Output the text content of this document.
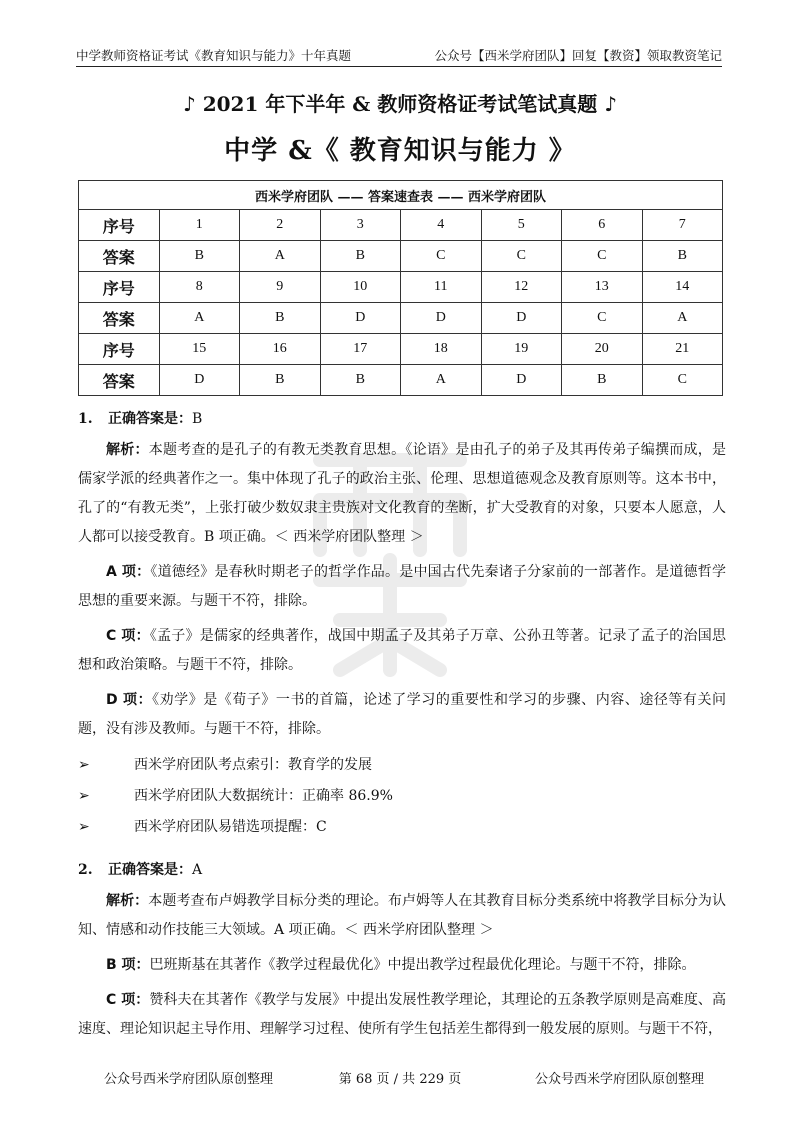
中学教师资格证考试《教育知识与能力》十年真题	公众号【西米学府团队】回复【教资】领取教资笔记
♪ 2021 年下半年 & 教师资格证考试笔试真题 ♪
中学 &《 教育知识与能力 》
西米学府团队 —— 答案速查表 —— 西米学府团队							
序号	1	2	3	4	5	6	7
答案	B	A	B	C	C	C	B
序号	8	9	10	11	12	13	14
答案	A	B	D	D	D	C	A
序号	15	16	17	18	19	20	21
答案	D	B	B	A	D	B	C
1. 正确答案是：B

解析：本题考查的是孔子的有教无类教育思想。《论语》是由孔子的弟子及其再传弟子编撰而成，是儒家学派的经典著作之一。集中体现了孔子的政治主张、伦理、思想道德观念及教育原则等。这本书中，孔了的“有教无类”，上张打破少数奴隶主贵族对文化教育的垄断，扩大受教育的对象，只要本人愿意，人人都可以接受教育。B 项正确。＜ 西米学府团队整理 ＞

A 项：《道德经》是春秋时期老子的哲学作品。是中国古代先秦诸子分家前的一部著作。是道德哲学思想的重要来源。与题干不符，排除。

C 项：《孟子》是儒家的经典著作，战国中期孟子及其弟子万章、公孙丑等著。记录了孟子的治国思想和政治策略。与题干不符，排除。

D 项：《劝学》是《荀子》一书的首篇，论述了学习的重要性和学习的步骤、内容、途径等有关问题，没有涉及教师。与题干不符，排除。

➢	西米学府团队考点索引：教育学的发展
➢	西米学府团队大数据统计：正确率 86.9%
➢	西米学府团队易错选项提醒：C
2. 正确答案是：A

解析：本题考查布卢姆教学目标分类的理论。布卢姆等人在其教育目标分类系统中将教学目标分为认知、情感和动作技能三大领域。A 项正确。＜ 西米学府团队整理 ＞

B 项：巴班斯基在其著作《教学过程最优化》中提出教学过程最优化理论。与题干不符，排除。

C 项：赞科夫在其著作《教学与发展》中提出发展性教学理论，其理论的五条教学原则是高难度、高速度、理论知识起主导作用、理解学习过程、使所有学生包括差生都得到一般发展的原则。与题干不符，

公众号西米学府团队原创整理	第 68 页 / 共 229 页	公众号西米学府团队原创整理
